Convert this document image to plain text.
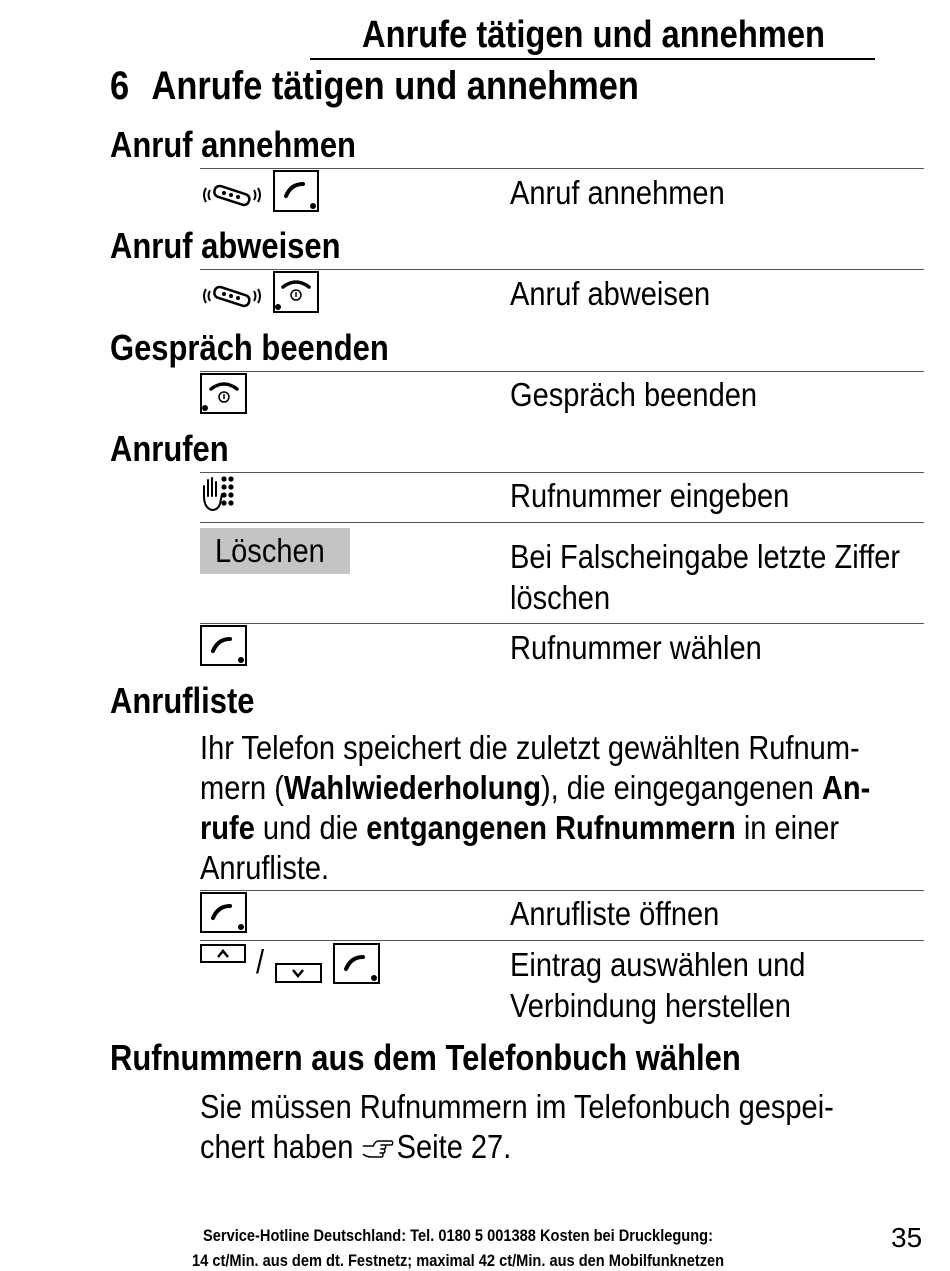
Anrufe tätigen und annehmen
6 Anrufe tätigen und annehmen
Anruf annehmen
Anruf annehmen
Anruf abweisen
Anruf abweisen
Gespräch beenden
Gespräch beenden
Anrufen
Rufnummer eingeben
Löschen	Bei Falscheingabe letzte Ziffer
löschen
Rufnummer wählen
Anrufliste
Ihr Telefon speichert die zuletzt gewählten Rufnum-
mern (Wahlwiederholung), die eingegangenen An-
rufe und die entgangenen Rufnummern in einer
Anrufliste.
Anrufliste öffnen
/	Eintrag auswählen und
Verbindung herstellen
Rufnummern aus dem Telefonbuch wählen
Sie müssen Rufnummern im Telefonbuch gespei-
chert haben Seite 27.
Service-Hotline Deutschland: Tel. 0180 5 001388 Kosten bei Drucklegung:
14 ct/Min. aus dem dt. Festnetz; maximal 42 ct/Min. aus den Mobilfunknetzen
35
